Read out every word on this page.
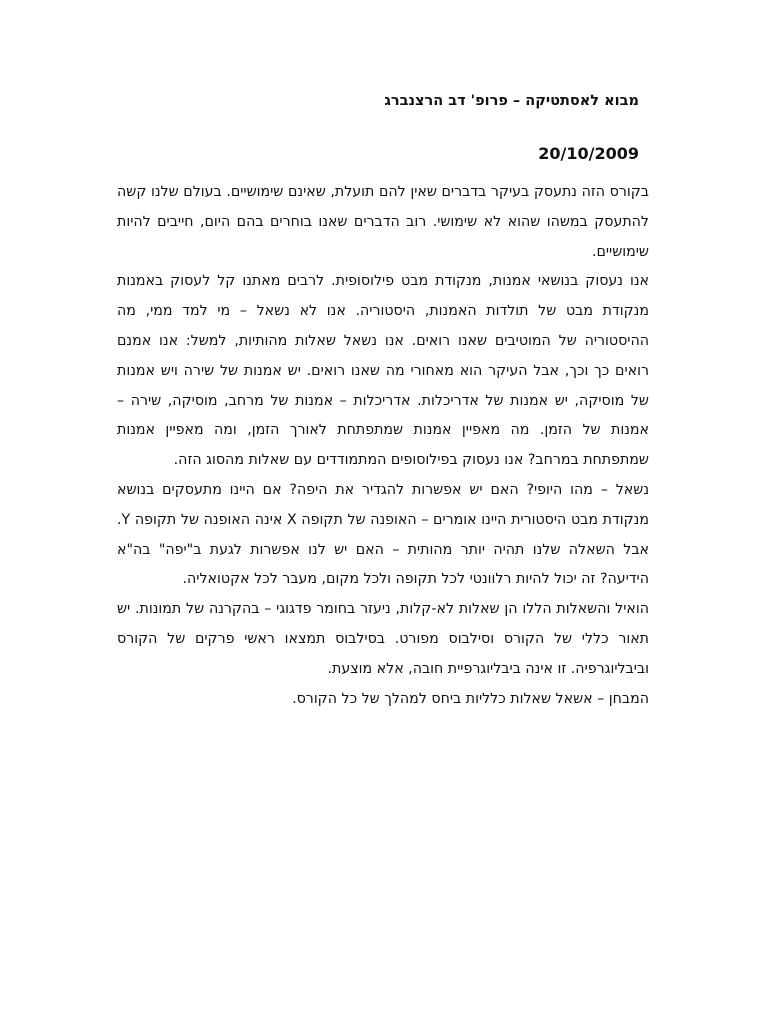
מבוא לאסתטיקה – פרופ' דב הרצנברג
20/10/2009

בקורס הזה נתעסק בעיקר בדברים שאין להם תועלת, שאינם שימושיים. בעולם שלנו קשה להתעסק במשהו שהוא לא שימושי. רוב הדברים שאנו בוחרים בהם היום, חייבים להיות שימושיים.

אנו נעסוק בנושאי אמנות, מנקודת מבט פילוסופית. לרבים מאתנו קל לעסוק באמנות מנקודת מבט של תולדות האמנות, היסטוריה. אנו לא נשאל – מי למד ממי, מה ההיסטוריה של המוטיבים שאנו רואים. אנו נשאל שאלות מהותיות, למשל: אנו אמנם רואים כך וכך, אבל העיקר הוא מאחורי מה שאנו רואים. יש אמנות של שירה ויש אמנות של מוסיקה, יש אמנות של אדריכלות. אדריכלות – אמנות של מרחב, מוסיקה, שירה – אמנות של הזמן. מה מאפיין אמנות שמתפתחת לאורך הזמן, ומה מאפיין אמנות שמתפתחת במרחב? אנו נעסוק בפילוסופים המתמודדים עם שאלות מהסוג הזה.

נשאל – מהו היופי? האם יש אפשרות להגדיר את היפה? אם היינו מתעסקים בנושא מנקודת מבט היסטורית היינו אומרים – האופנה של תקופה X אינה האופנה של תקופה Y. אבל השאלה שלנו תהיה יותר מהותית – האם יש לנו אפשרות לגעת ב"יפה" בה"א הידיעה? זה יכול להיות רלוונטי לכל תקופה ולכל מקום, מעבר לכל אקטואליה.

הואיל והשאלות הללו הן שאלות לא-קלות, ניעזר בחומר פדגוגי – בהקרנה של תמונות. יש תאור כללי של הקורס וסילבוס מפורט. בסילבוס תמצאו ראשי פרקים של הקורס וביבליוגרפיה. זו אינה ביבליוגרפיית חובה, אלא מוצעת.

המבחן – אשאל שאלות כלליות ביחס למהלך של כל הקורס.
